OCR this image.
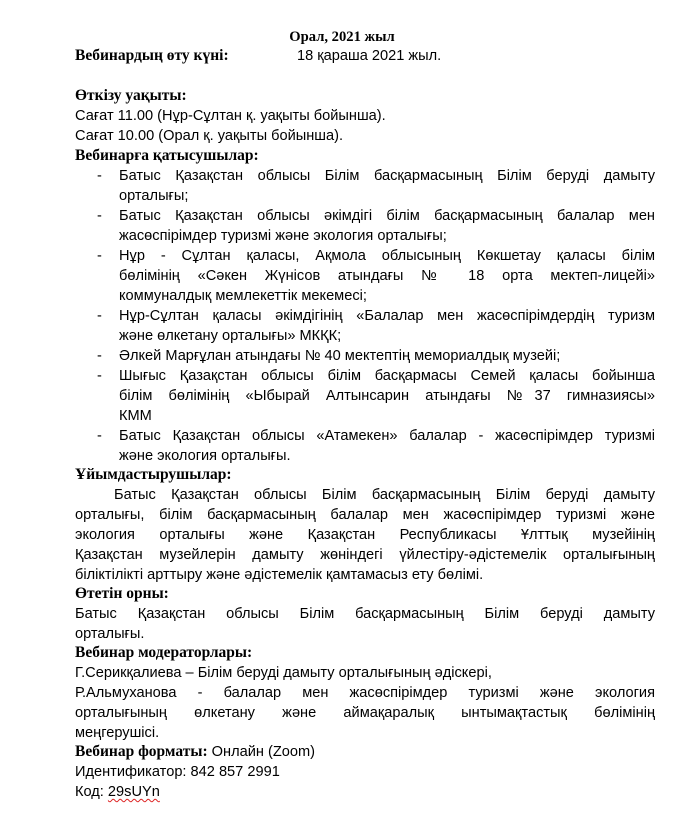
Орал, 2021 жыл
Вебинардың өту күні:	18 қараша 2021 жыл.
Өткізу уақыты:
Сағат 11.00 (Нұр-Сұлтан қ. уақыты бойынша).
Сағат 10.00 (Орал қ. уақыты бойынша).
Вебинарға қатысушылар:
- Батыс Қазақстан облысы Білім басқармасының Білім беруді дамыту
орталығы;
- Батыс Қазақстан облысы әкімдігі білім басқармасының балалар мен
жасөспірімдер туризмі және экология орталығы;
- Нұр - Сұлтан қаласы, Ақмола облысының Көкшетау қаласы білім
бөлімінің «Сәкен Жүнісов атындағы № 18 орта мектеп-лицейі»
коммуналдық мемлекеттік мекемесі;
- Нұр-Сұлтан қаласы әкімдігінің «Балалар мен жасөспірімдердің туризм
және өлкетану орталығы» МКҚК;
- Әлкей Марғұлан атындағы № 40 мектептің мемориалдық музейі;
- Шығыс Қазақстан облысы білім басқармасы Семей қаласы бойынша
білім бөлімінің «Ыбырай Алтынсарин атындағы №37 гимназиясы»
КММ
- Батыс Қазақстан облысы «Атамекен» балалар - жасөспірімдер туризмі
және экология орталығы.
Ұйымдастырушылар:
Батыс Қазақстан облысы Білім басқармасының Білім беруді дамыту
орталығы, білім басқармасының балалар мен жасөспірімдер туризмі және
экология орталығы және Қазақстан Республикасы Ұлттық музейінің
Қазақстан музейлерін дамыту жөніндегі үйлестіру-әдістемелік орталығының
біліктілікті арттыру және әдістемелік қамтамасыз ету бөлімі.
Өтетін орны:
Батыс Қазақстан облысы Білім басқармасының Білім беруді дамыту
орталығы.
Вебинар модераторлары:
Г.Серикқалиева – Білім беруді дамыту орталығының әдіскері,
Р.Альмуханова - балалар мен жасөспірімдер туризмі және экология
орталығының өлкетану және аймақаралық ынтымақтастық бөлімінің
меңгерушісі.
Вебинар форматы: Онлайн (Zoom)
Идентификатор: 842 857 2991
Код: 29sUYn
